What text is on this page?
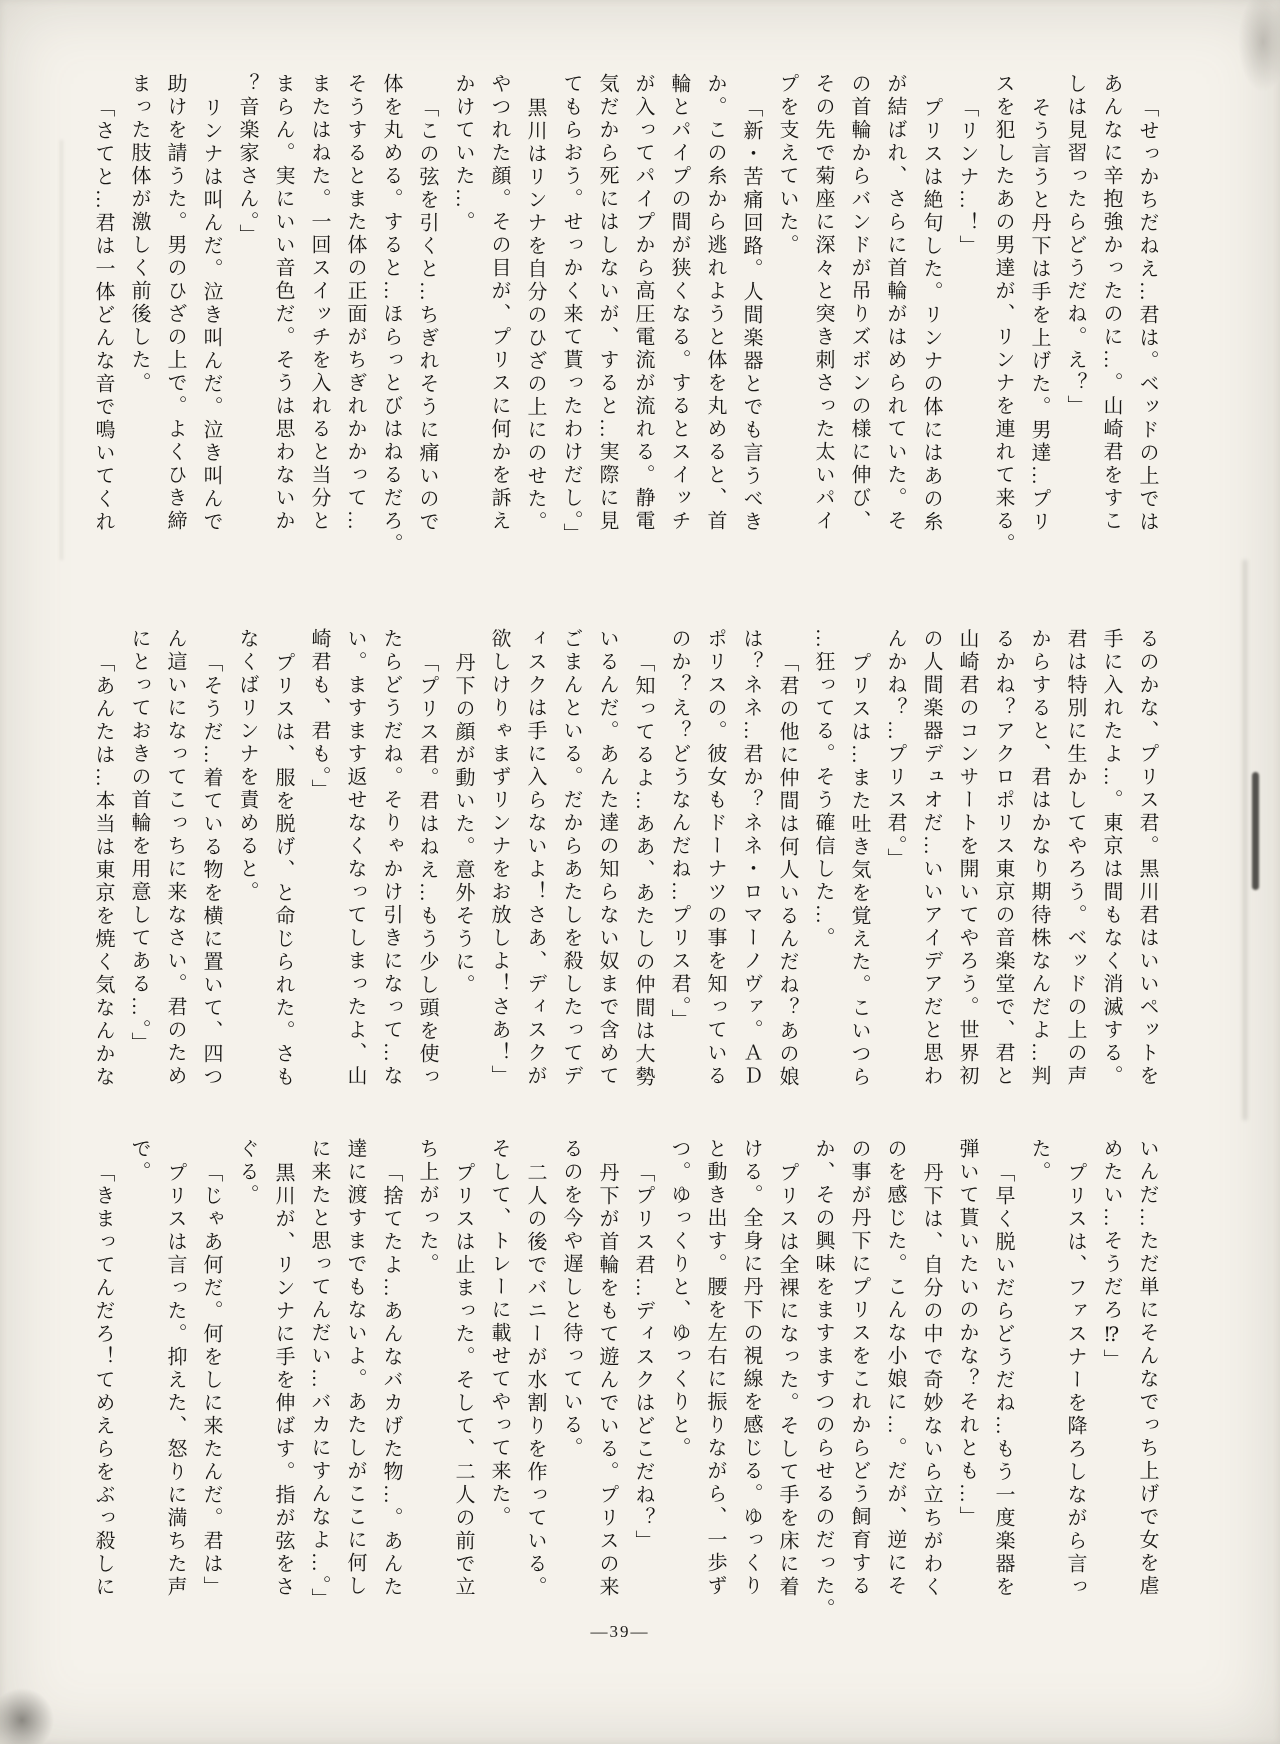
「せっかちだねえ…君は。ベッドの上では
あんなに辛抱強かったのに…。山崎君をすこ
しは見習ったらどうだね。え？」
そう言うと丹下は手を上げた。男達…プリ
スを犯したあの男達が、リンナを連れて来る。
「リンナ…！」
プリスは絶句した。リンナの体にはあの糸
が結ばれ、さらに首輪がはめられていた。そ
の首輪からバンドが吊りズボンの様に伸び、
その先で菊座に深々と突き刺さった太いパイ
プを支えていた。
「新・苦痛回路。人間楽器とでも言うべき
か。この糸から逃れようと体を丸めると、首
輪とパイプの間が狭くなる。するとスイッチ
が入ってパイプから高圧電流が流れる。静電
気だから死にはしないが、すると…実際に見
てもらおう。せっかく来て貰ったわけだし。」
黒川はリンナを自分のひざの上にのせた。
やつれた顔。その目が、プリスに何かを訴え
かけていた…。
「この弦を引くと…ちぎれそうに痛いので
体を丸める。すると…ほらっとびはねるだろ。
そうするとまた体の正面がちぎれかかって…
またはねた。一回スイッチを入れると当分と
まらん。実にいい音色だ。そうは思わないか
？音楽家さん。」
リンナは叫んだ。泣き叫んだ。泣き叫んで
助けを請うた。男のひざの上で。よくひき締
まった肢体が激しく前後した。
「さてと…君は一体どんな音で鳴いてくれ
るのかな、プリス君。黒川君はいいペットを
手に入れたよ…。東京は間もなく消滅する。
君は特別に生かしてやろう。ベッドの上の声
からすると、君はかなり期待株なんだよ…判
るかね？アクロポリス東京の音楽堂で、君と
山崎君のコンサートを開いてやろう。世界初
の人間楽器デュオだ…いいアイデアだと思わ
んかね？…プリス君。」
プリスは…また吐き気を覚えた。こいつら
…狂ってる。そう確信した…。
「君の他に仲間は何人いるんだね？あの娘
は？ネネ…君か？ネネ・ロマーノヴァ。ＡＤ
ポリスの。彼女もドーナツの事を知っている
のか？え？どうなんだね…プリス君。」
「知ってるよ…ああ、あたしの仲間は大勢
いるんだ。あんた達の知らない奴まで含めて
ごまんといる。だからあたしを殺したってデ
ィスクは手に入らないよ！さあ、ディスクが
欲しけりゃまずリンナをお放しよ！さあ！」
丹下の顔が動いた。意外そうに。
「プリス君。君はねえ…もう少し頭を使っ
たらどうだね。そりゃかけ引きになって…な
い。ますます返せなくなってしまったよ、山
崎君も、君も。」
プリスは、服を脱げ、と命じられた。さも
なくばリンナを責めると。
「そうだ…着ている物を横に置いて、四つ
ん這いになってこっちに来なさい。君のため
にとっておきの首輪を用意してある…。」
「あんたは…本当は東京を焼く気なんかな
いんだ…ただ単にそんなでっち上げで女を虐
めたい…そうだろ⁉」
プリスは、ファスナーを降ろしながら言っ
た。
「早く脱いだらどうだね…もう一度楽器を
弾いて貰いたいのかな？それとも…」
丹下は、自分の中で奇妙ないら立ちがわく
のを感じた。こんな小娘に…。だが、逆にそ
の事が丹下にプリスをこれからどう飼育する
か、その興味をますますつのらせるのだった。
プリスは全裸になった。そして手を床に着
ける。全身に丹下の視線を感じる。ゆっくり
と動き出す。腰を左右に振りながら、一歩ず
つ。ゆっくりと、ゆっくりと。
「プリス君…ディスクはどこだね？」
丹下が首輪をもて遊んでいる。プリスの来
るのを今や遅しと待っている。
二人の後でバニーが水割りを作っている。
そして、トレーに載せてやって来た。
プリスは止まった。そして、二人の前で立
ち上がった。
「捨てたよ…あんなバカげた物…。あんた
達に渡すまでもないよ。あたしがここに何し
に来たと思ってんだい…バカにすんなよ…。」
黒川が、リンナに手を伸ばす。指が弦をさ
ぐる。
「じゃあ何だ。何をしに来たんだ。君は」
プリスは言った。抑えた、怒りに満ちた声
で。
「きまってんだろ！てめえらをぶっ殺しに
―39―
